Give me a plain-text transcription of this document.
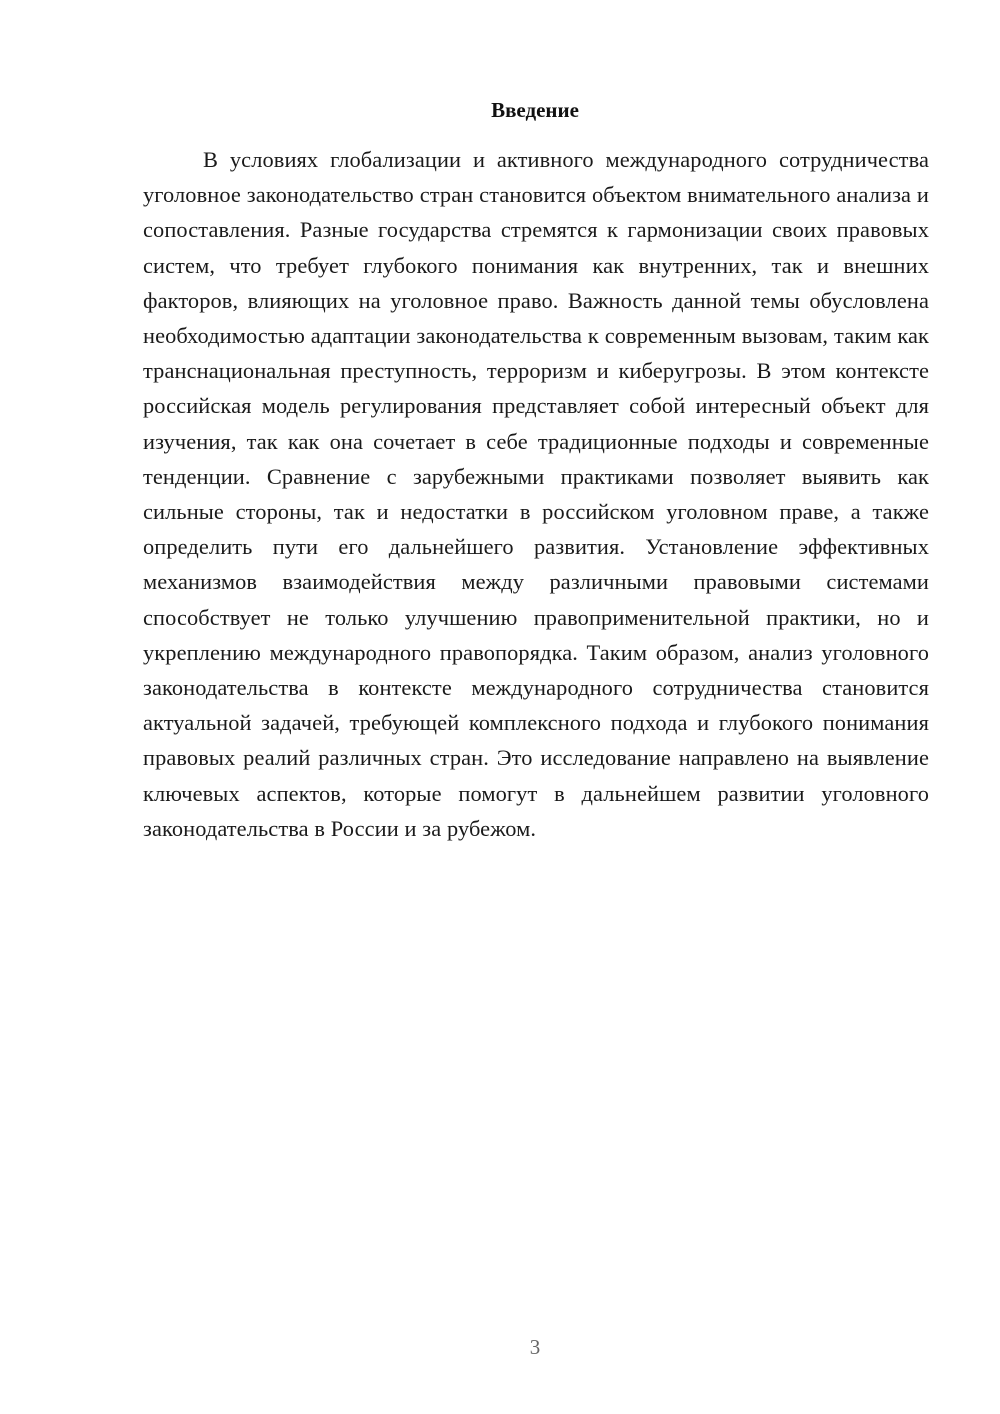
Введение

В условиях глобализации и активного международного сотрудничества уголовное законодательство стран становится объектом внимательного анализа и сопоставления. Разные государства стремятся к гармонизации своих правовых систем, что требует глубокого понимания как внутренних, так и внешних факторов, влияющих на уголовное право. Важность данной темы обусловлена необходимостью адаптации законодательства к современным вызовам, таким как транснациональная преступность, терроризм и киберугрозы. В этом контексте российская модель регулирования представляет собой интересный объект для изучения, так как она сочетает в себе традиционные подходы и современные тенденции. Сравнение с зарубежными практиками позволяет выявить как сильные стороны, так и недостатки в российском уголовном праве, а также определить пути его дальнейшего развития. Установление эффективных механизмов взаимодействия между различными правовыми системами способствует не только улучшению правоприменительной практики, но и укреплению международного правопорядка. Таким образом, анализ уголовного законодательства в контексте международного сотрудничества становится актуальной задачей, требующей комплексного подхода и глубокого понимания правовых реалий различных стран. Это исследование направлено на выявление ключевых аспектов, которые помогут в дальнейшем развитии уголовного законодательства в России и за рубежом.

3
